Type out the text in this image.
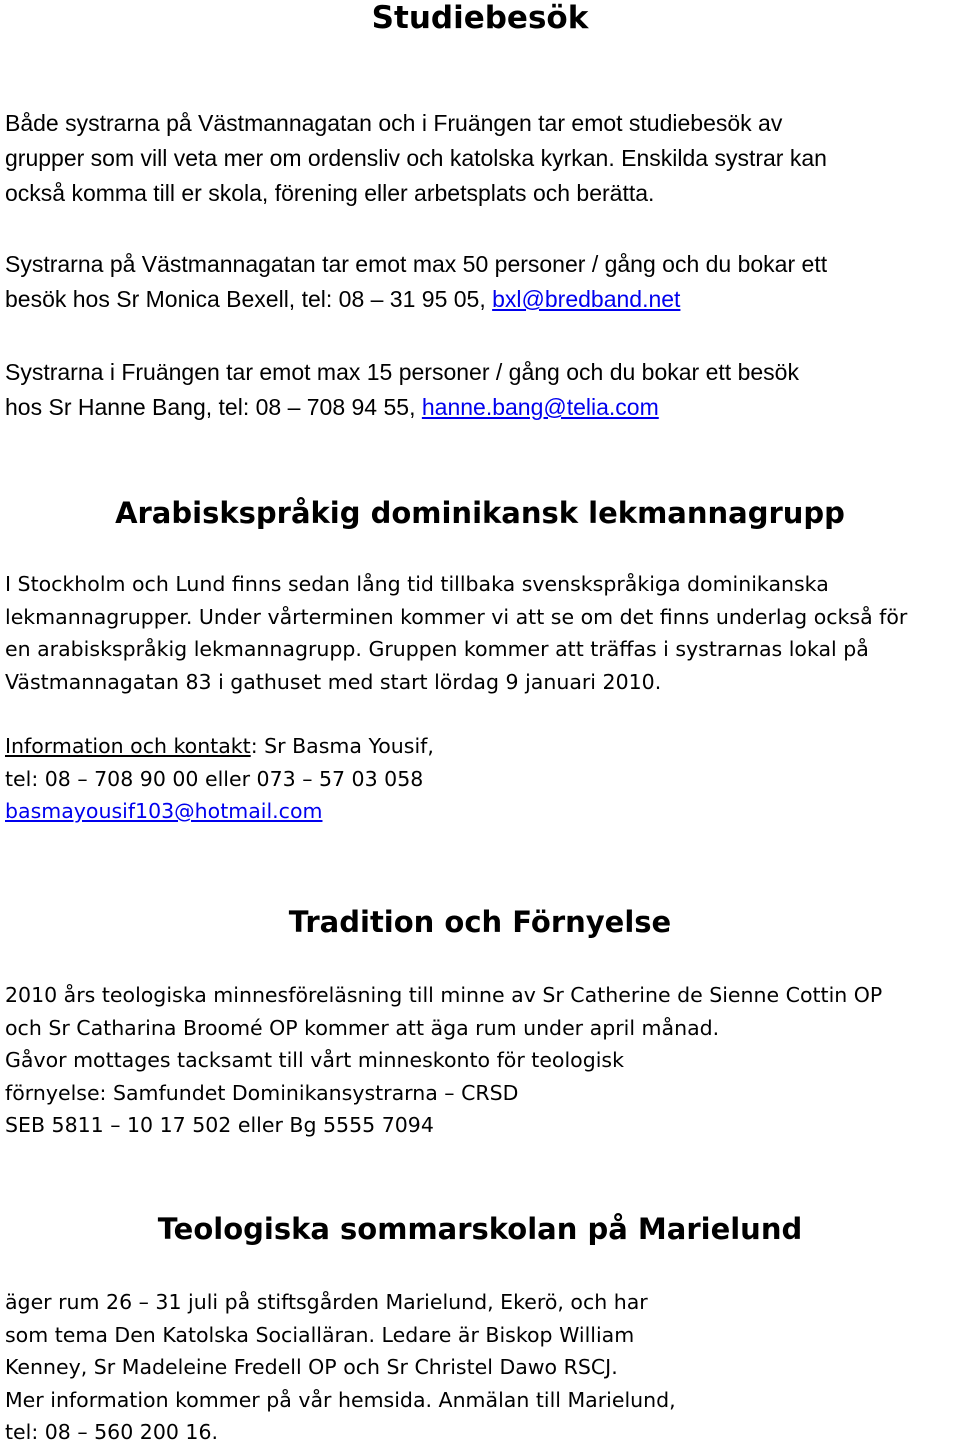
Studiebesök

Både systrarna på Västmannagatan och i Fruängen tar emot studiebesök av
grupper som vill veta mer om ordensliv och katolska kyrkan. Enskilda systrar kan
också komma till er skola, förening eller arbetsplats och berätta.

Systrarna på Västmannagatan tar emot max 50 personer / gång och du bokar ett
besök hos Sr Monica Bexell, tel: 08 – 31 95 05, bxl@bredband.net

Systrarna i Fruängen tar emot max 15 personer / gång och du bokar ett besök
hos Sr Hanne Bang, tel: 08 – 708 94 55, hanne.bang@telia.com

Arabiskspråkig dominikansk lekmannagrupp

I Stockholm och Lund finns sedan lång tid tillbaka svenskspråkiga dominikanska
lekmannagrupper. Under vårterminen kommer vi att se om det finns underlag också för
en arabiskspråkig lekmannagrupp. Gruppen kommer att träffas i systrarnas lokal på
Västmannagatan 83 i gathuset med start lördag 9 januari 2010.

Information och kontakt: Sr Basma Yousif,
tel: 08 – 708 90 00 eller 073 – 57 03 058
basmayousif103@hotmail.com

Tradition och Förnyelse

2010 års teologiska minnesföreläsning till minne av Sr Catherine de Sienne Cottin OP
och Sr Catharina Broomé OP kommer att äga rum under april månad.
Gåvor mottages tacksamt till vårt minneskonto för teologisk
förnyelse: Samfundet Dominikansystrarna – CRSD
SEB 5811 – 10 17 502 eller Bg 5555 7094

Teologiska sommarskolan på Marielund

äger rum 26 – 31 juli på stiftsgården Marielund, Ekerö, och har
som tema Den Katolska Socialläran. Ledare är Biskop William
Kenney, Sr Madeleine Fredell OP och Sr Christel Dawo RSCJ.
Mer information kommer på vår hemsida. Anmälan till Marielund,
tel: 08 – 560 200 16.
